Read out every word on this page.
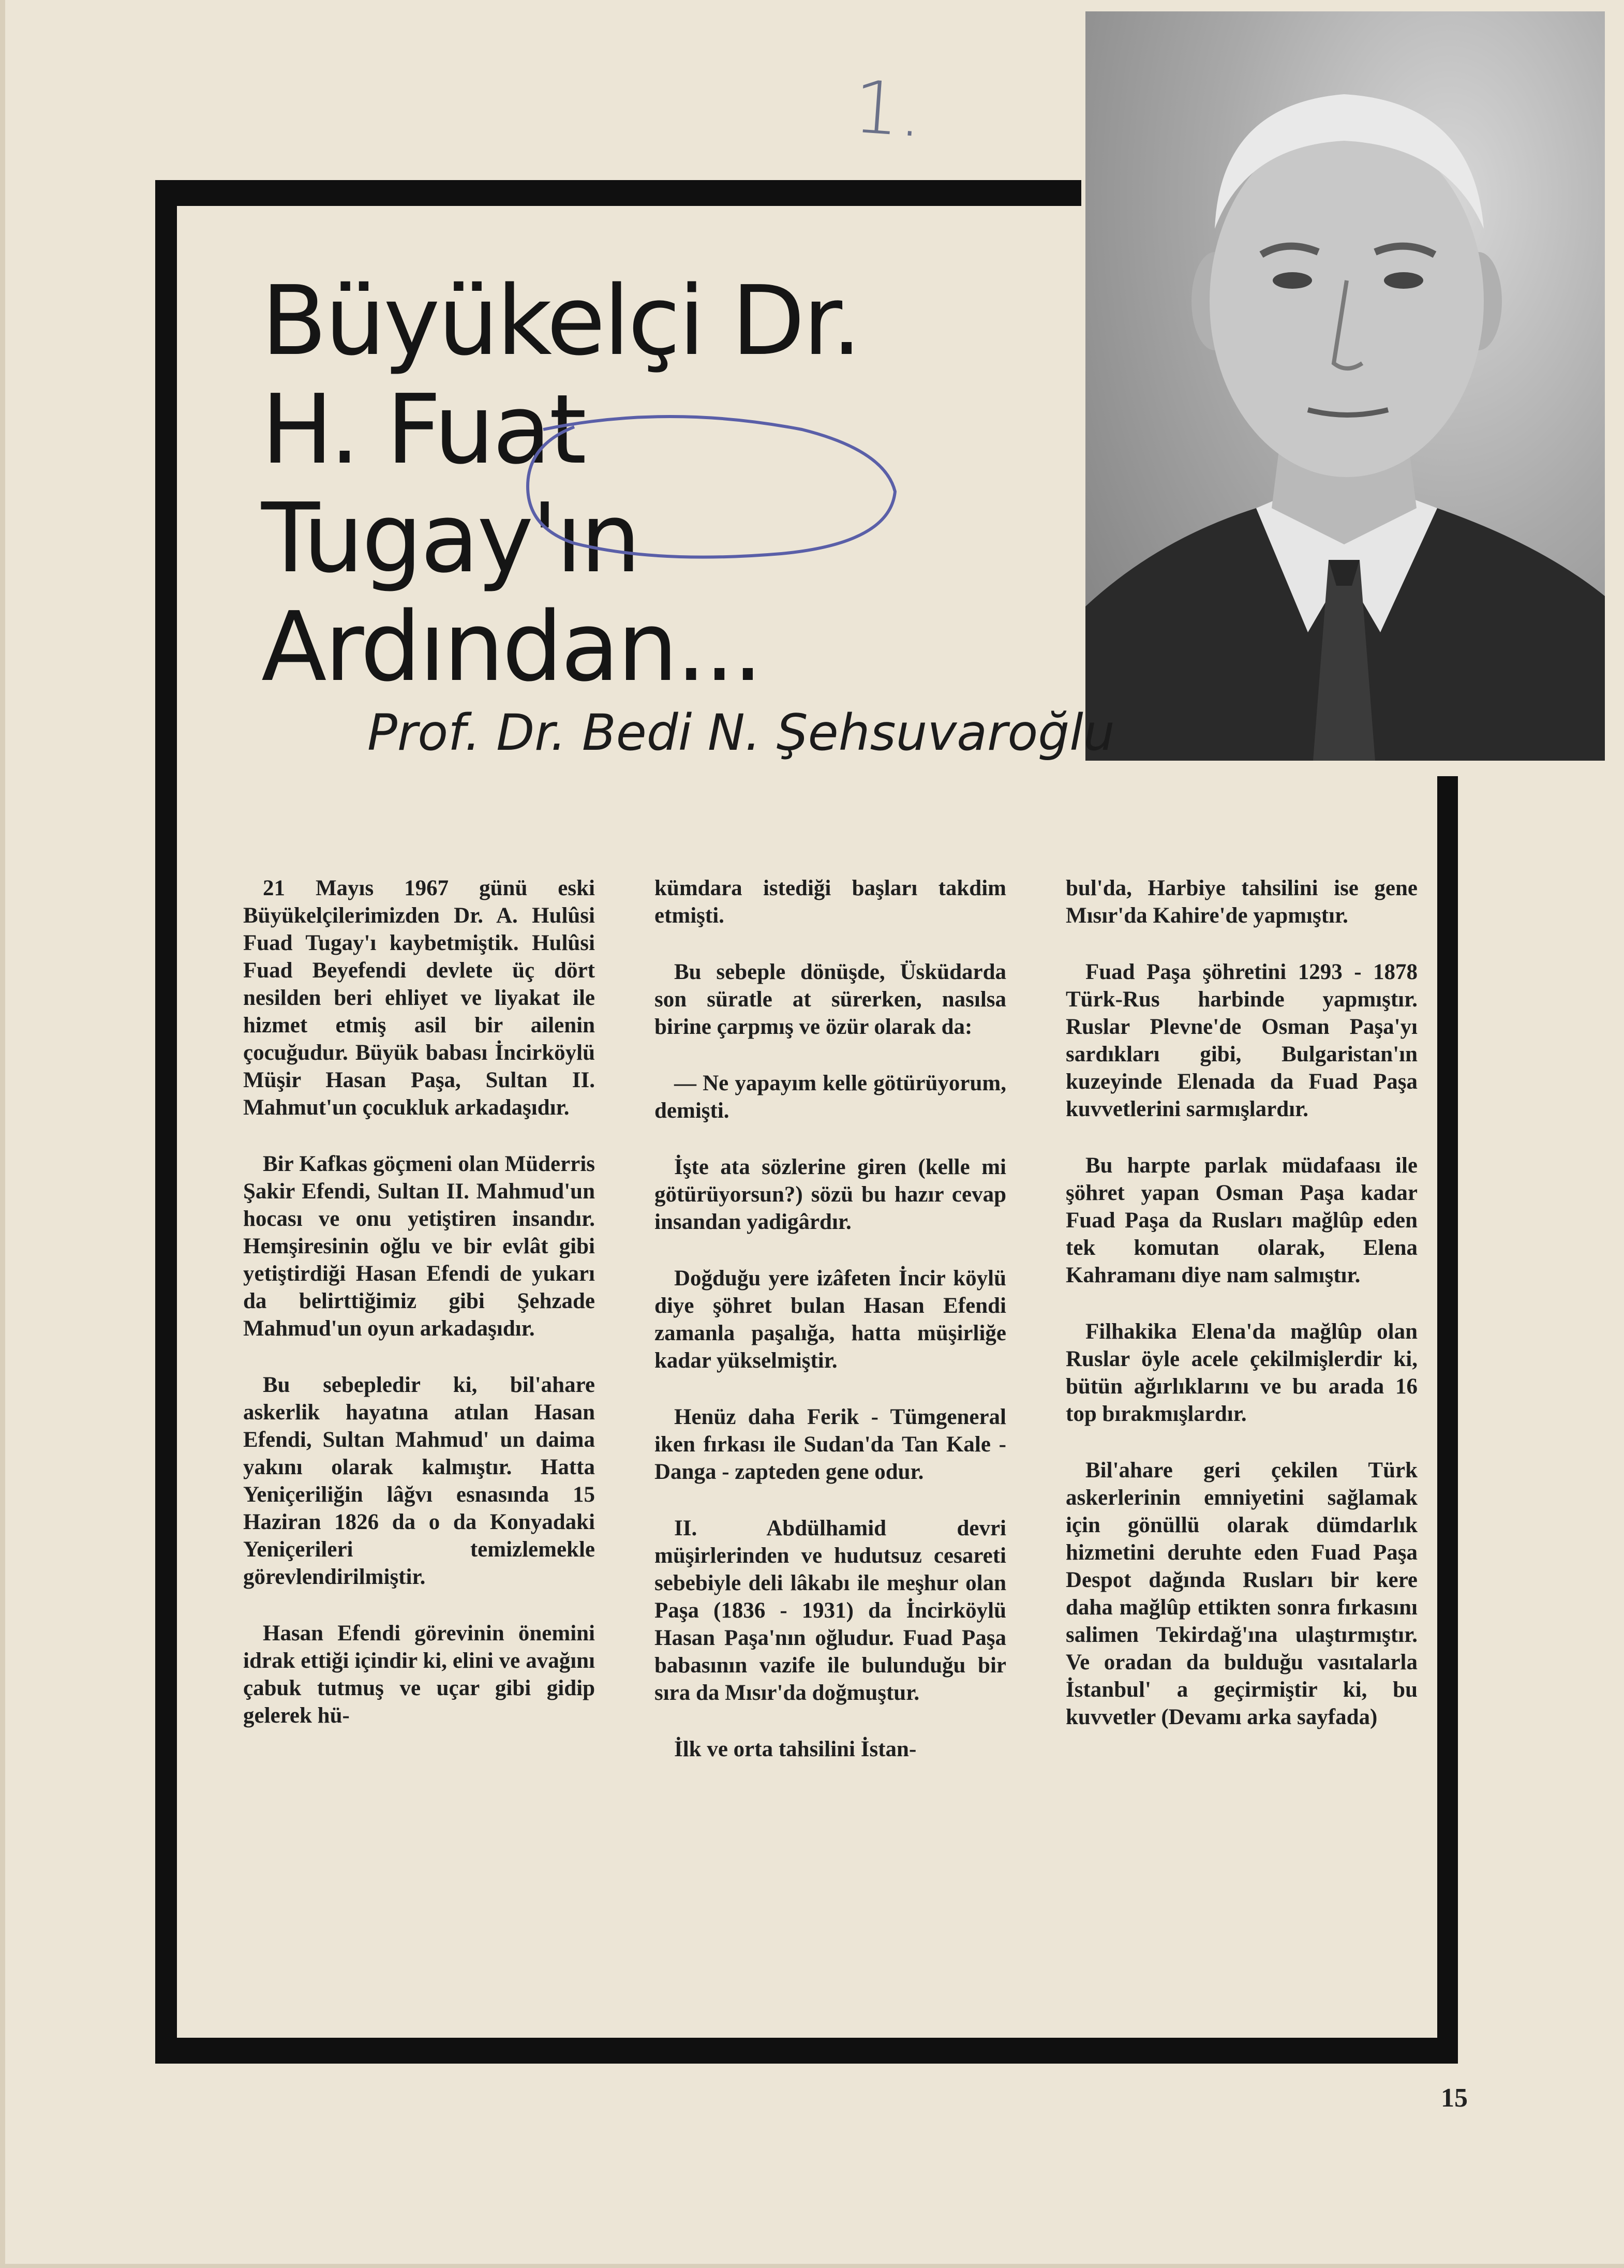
1.
Büyükelçi Dr.
H. Fuat
Tugay'ın
Ardından...
Prof. Dr. Bedi N. Şehsuvaroğlu

21 Mayıs 1967 günü eski Büyükelçilerimizden Dr. A. Hulûsi Fuad Tugay'ı kaybetmiştik. Hulûsi Fuad Beyefendi devlete üç dört nesilden beri ehliyet ve liyakat ile hizmet etmiş asil bir ailenin çocuğudur. Büyük babası İncirköylü Müşir Hasan Paşa, Sultan II. Mahmut'un çocukluk arkadaşıdır.

Bir Kafkas göçmeni olan Müderris Şakir Efendi, Sultan II. Mahmud'un hocası ve onu yetiştiren insandır. Hemşiresinin oğlu ve bir evlât gibi yetiştirdiği Hasan Efendi de yukarı da belirttiğimiz gibi Şehzade Mahmud'un oyun arkadaşıdır.

Bu sebepledir ki, bil'ahare askerlik hayatına atılan Hasan Efendi, Sultan Mahmud' un daima yakını olarak kalmıştır. Hatta Yeniçeriliğin lâğvı esnasında 15 Haziran 1826 da o da Konyadaki Yeniçerileri temizlemekle görevlendirilmiştir.

Hasan Efendi görevinin önemini idrak ettiği içindir ki, elini ve avağını çabuk tutmuş ve uçar gibi gidip gelerek hü-

kümdara istediği başları takdim etmişti.

Bu sebeple dönüşde, Üsküdarda son süratle at sürerken, nasılsa birine çarpmış ve özür olarak da:

— Ne yapayım kelle götürüyorum, demişti.

İşte ata sözlerine giren (kelle mi götürüyorsun?) sözü bu hazır cevap insandan yadigârdır.

Doğduğu yere izâfeten İncir köylü diye şöhret bulan Hasan Efendi zamanla paşalığa, hatta müşirliğe kadar yükselmiştir.

Henüz daha Ferik - Tümgeneral iken fırkası ile Sudan'da Tan Kale - Danga - zapteden gene odur.

II. Abdülhamid devri müşirlerinden ve hudutsuz cesareti sebebiyle deli lâkabı ile meşhur olan Paşa (1836 - 1931) da İncirköylü Hasan Paşa'nın oğludur. Fuad Paşa babasının vazife ile bulunduğu bir sıra da Mısır'da doğmuştur.

İlk ve orta tahsilini İstan-

bul'da, Harbiye tahsilini ise gene Mısır'da Kahire'de yapmıştır.

Fuad Paşa şöhretini 1293 - 1878 Türk-Rus harbinde yapmıştır. Ruslar Plevne'de Osman Paşa'yı sardıkları gibi, Bulgaristan'ın kuzeyinde Elenada da Fuad Paşa kuvvetlerini sarmışlardır.

Bu harpte parlak müdafaası ile şöhret yapan Osman Paşa kadar Fuad Paşa da Rusları mağlûp eden tek komutan olarak, Elena Kahramanı diye nam salmıştır.

Filhakika Elena'da mağlûp olan Ruslar öyle acele çekilmişlerdir ki, bütün ağırlıklarını ve bu arada 16 top bırakmışlardır.

Bil'ahare geri çekilen Türk askerlerinin emniyetini sağlamak için gönüllü olarak dümdarlık hizmetini deruhte eden Fuad Paşa Despot dağında Rusları bir kere daha mağlûp ettikten sonra fırkasını salimen Tekirdağ'ına ulaştırmıştır. Ve oradan da bulduğu vasıtalarla İstanbul' a geçirmiştir ki, bu kuvvetler (Devamı arka sayfada)

15
